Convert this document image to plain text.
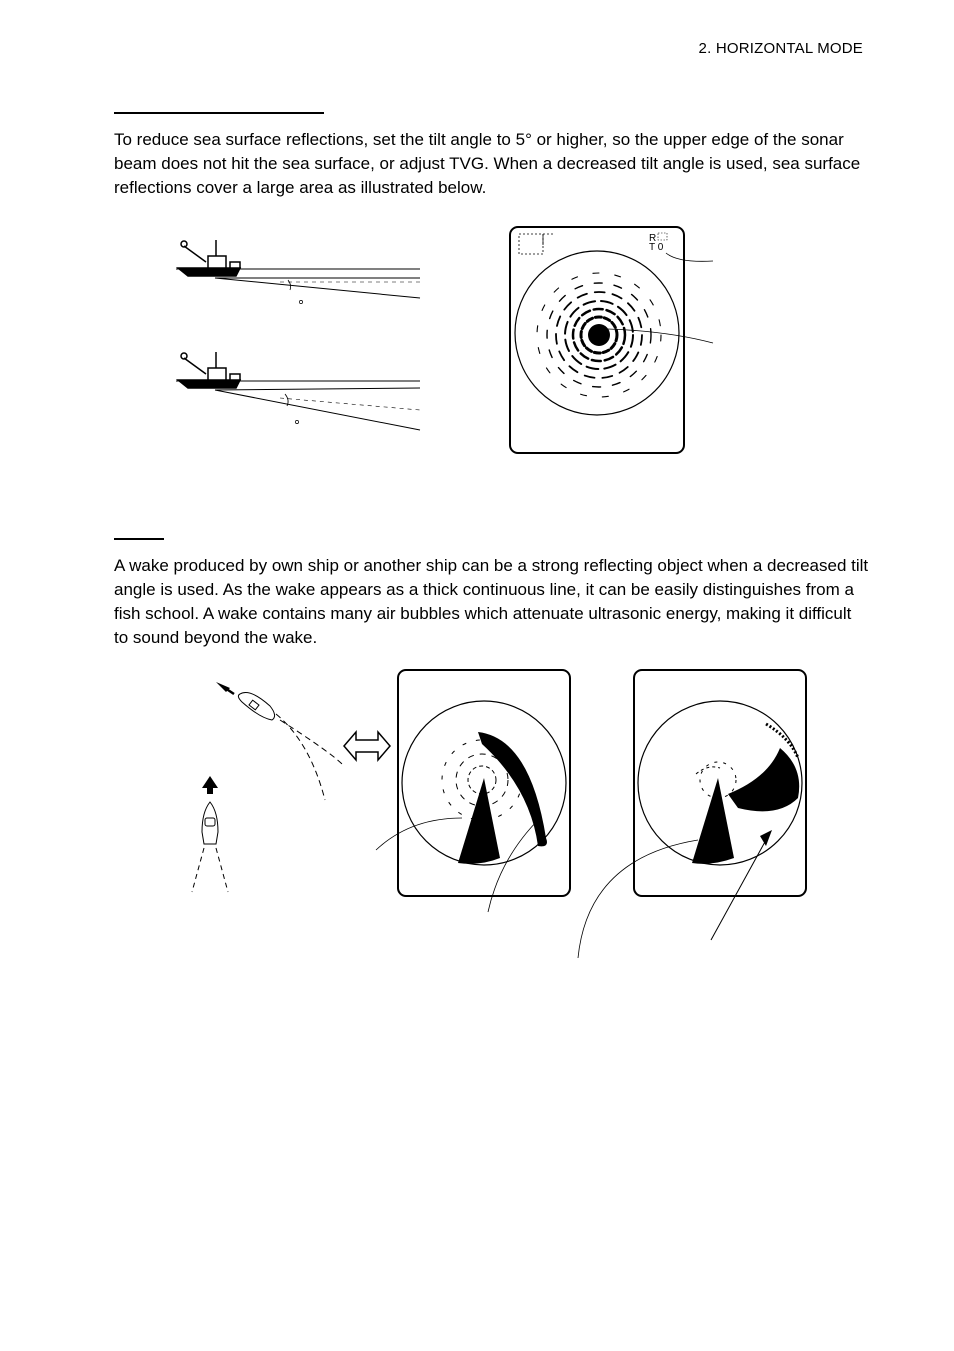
2. HORIZONTAL MODE
To reduce sea surface reflections, set the tilt angle to 5° or higher, so the upper edge of the sonar beam does not hit the sea surface, or adjust TVG. When a decreased tilt angle is used, sea surface reflections cover a large area as illustrated below.
R
T 0
A wake produced by own ship or another ship can be a strong reflecting object when a decreased tilt angle is used. As the wake appears as a thick continuous line, it can be easily distinguishes from a fish school. A wake contains many air bubbles which attenuate ultrasonic energy, making it difficult to sound beyond the wake.
